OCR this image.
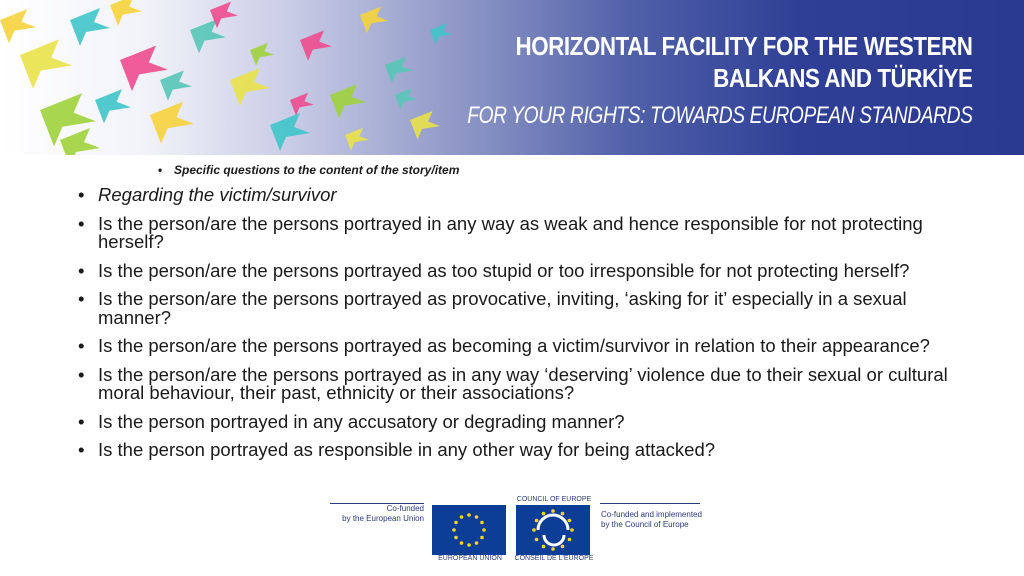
HORIZONTAL FACILITY FOR THE WESTERN
BALKANS AND TÜRKİYE
FOR YOUR RIGHTS: TOWARDS EUROPEAN STANDARDS
• Specific questions to the content of the story/item
• Regarding the victim/survivor
• Is the person/are the persons portrayed in any way as weak and hence responsible for not protecting herself?
• Is the person/are the persons portrayed as too stupid or too irresponsible for not protecting herself?
• Is the person/are the persons portrayed as provocative, inviting, ‘asking for it’ especially in a sexual manner?
• Is the person/are the persons portrayed as becoming a victim/survivor in relation to their appearance?
• Is the person/are the persons portrayed as in any way ‘deserving’ violence due to their sexual or cultural moral behaviour, their past, ethnicity or their associations?
• Is the person portrayed in any accusatory or degrading manner?
• Is the person portrayed as responsible in any other way for being attacked?
Co-funded
by the European Union
EUROPEAN UNION
COUNCIL OF EUROPE
CONSEIL DE L'EUROPE
Co-funded and implemented
by the Council of Europe
